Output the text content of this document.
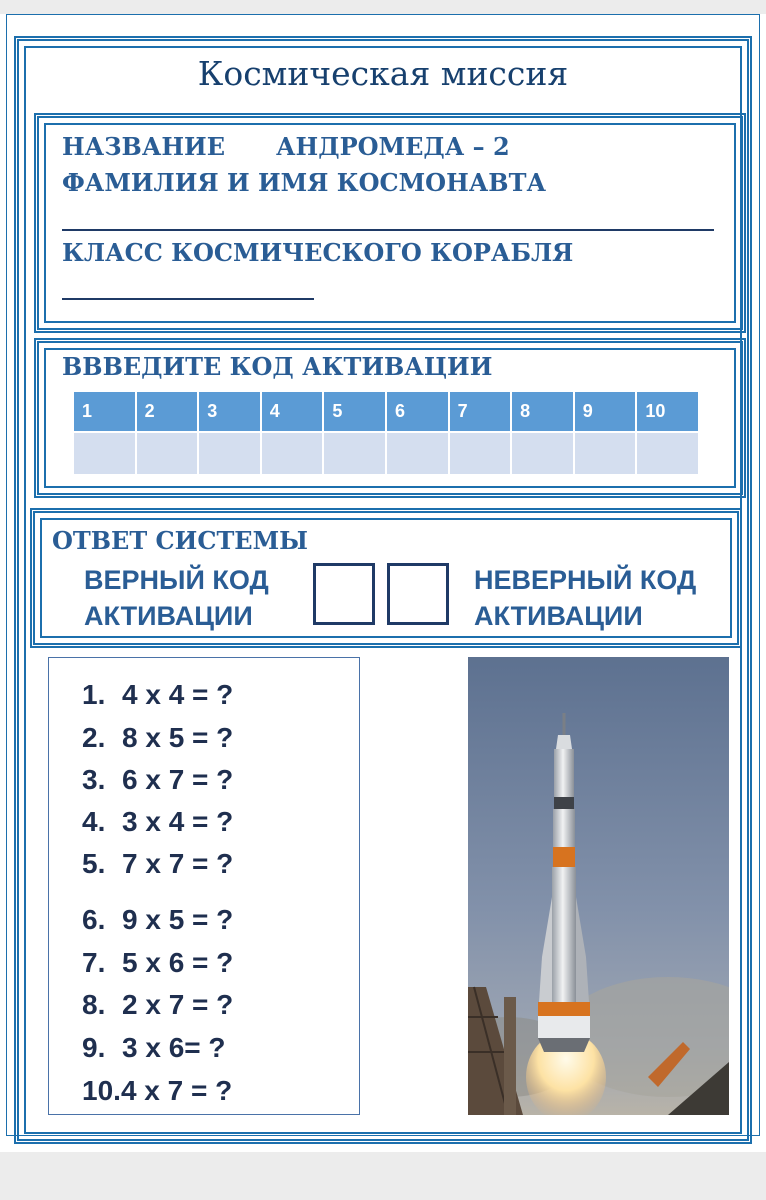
Космическая миссия
НАЗВАНИЕ АНДРОМЕДА – 2
ФАМИЛИЯ И ИМЯ КОСМОНАВТА
КЛАСС КОСМИЧЕСКОГО КОРАБЛЯ
ВВВЕДИТЕ КОД АКТИВАЦИИ
1	2	3	4	5	6	7	8	9	10

ОТВЕТ СИСТЕМЫ
ВЕРНЫЙ КОД
АКТИВАЦИИ
НЕВЕРНЫЙ КОД
АКТИВАЦИИ
1. 4 x 4 = ?
2. 8 x 5 = ?
3. 6 x 7 = ?
4. 3 x 4 = ?
5. 7 x 7 = ?
6. 9 x 5 = ?
7. 5 x 6 = ?
8. 2 x 7 = ?
9. 3 x 6= ?
10.4 x 7 = ?
